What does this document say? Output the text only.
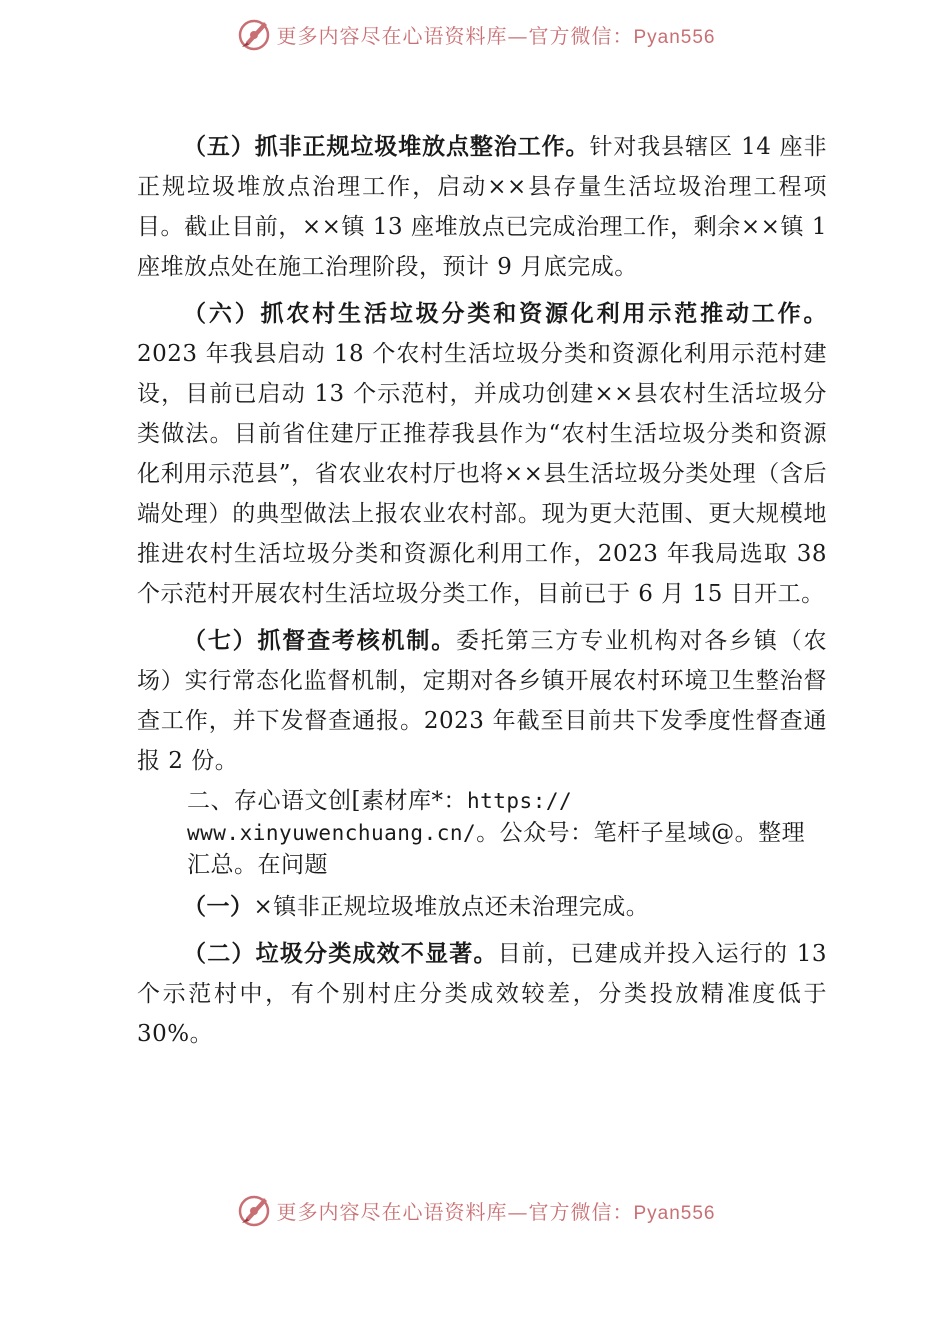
更多内容尽在心语资料库—官方微信：Pyan556

（五）抓非正规垃圾堆放点整治工作。针对我县辖区 14 座非正规垃圾堆放点治理工作，启动××县存量生活垃圾治理工程项目。截止目前，××镇 13 座堆放点已完成治理工作，剩余××镇 1 座堆放点处在施工治理阶段，预计 9 月底完成。

（六）抓农村生活垃圾分类和资源化利用示范推动工作。2023 年我县启动 18 个农村生活垃圾分类和资源化利用示范村建设，目前已启动 13 个示范村，并成功创建××县农村生活垃圾分类做法。目前省住建厅正推荐我县作为“农村生活垃圾分类和资源化利用示范县”，省农业农村厅也将××县生活垃圾分类处理（含后端处理）的典型做法上报农业农村部。现为更大范围、更大规模地推进农村生活垃圾分类和资源化利用工作，2023 年我局选取 38 个示范村开展农村生活垃圾分类工作，目前已于 6 月 15 日开工。

（七）抓督查考核机制。委托第三方专业机构对各乡镇（农场）实行常态化监督机制，定期对各乡镇开展农村环境卫生整治督查工作，并下发督查通报。2023 年截至目前共下发季度性督查通报 2 份。

二、存心语文创[素材库*：https:// www.xinyuwenchuang.cn/。公众号：笔杆子星域@。整理汇总。在问题

（一）×镇非正规垃圾堆放点还未治理完成。

（二）垃圾分类成效不显著。目前，已建成并投入运行的 13 个示范村中，有个别村庄分类成效较差，分类投放精准度低于 30%。

更多内容尽在心语资料库—官方微信：Pyan556
